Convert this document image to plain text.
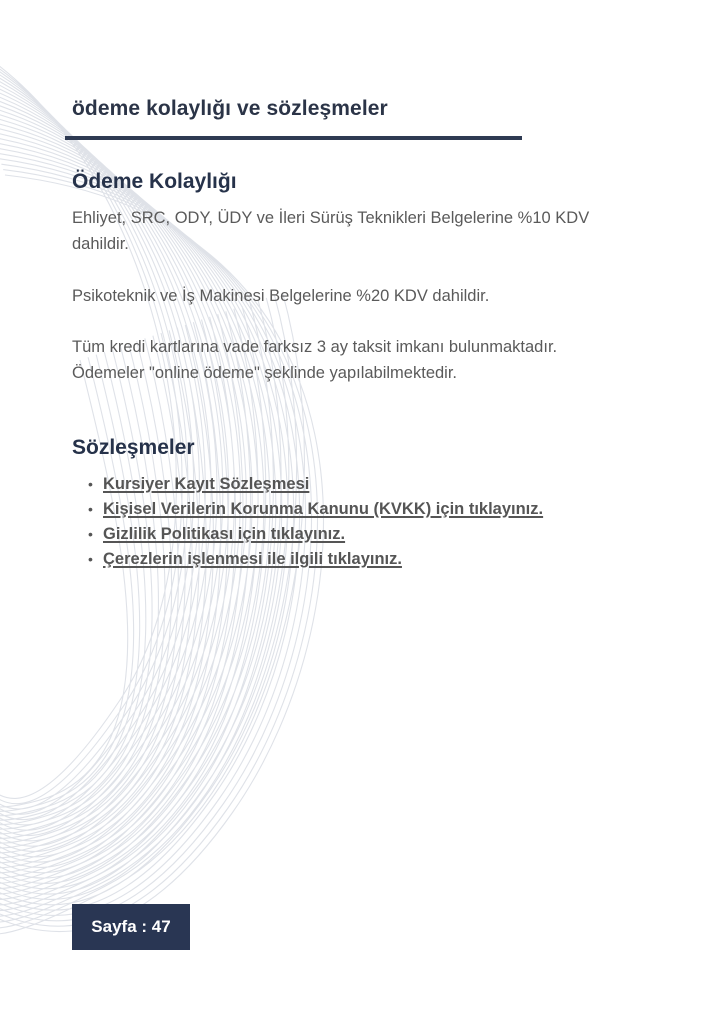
ödeme kolaylığı ve sözleşmeler
Ödeme Kolaylığı

Ehliyet, SRC, ODY, ÜDY ve İleri Sürüş Teknikleri Belgelerine %10 KDV dahildir.

Psikoteknik ve İş Makinesi Belgelerine %20 KDV dahildir.

Tüm kredi kartlarına vade farksız 3 ay taksit imkanı bulunmaktadır. Ödemeler "online ödeme" şeklinde yapılabilmektedir.

Sözleşmeler
• Kursiyer Kayıt Sözleşmesi
• Kişisel Verilerin Korunma Kanunu (KVKK) için tıklayınız.
• Gizlilik Politikası için tıklayınız.
• Çerezlerin işlenmesi ile ilgili tıklayınız.
Sayfa : 47
